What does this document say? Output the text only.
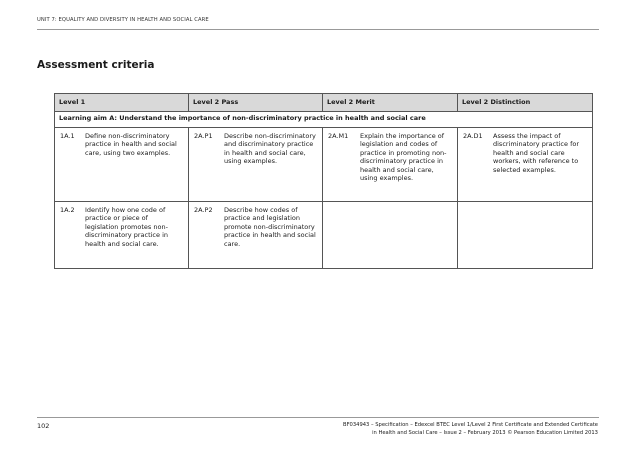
UNIT 7: EQUALITY AND DIVERSITY IN HEALTH AND SOCIAL CARE
Assessment criteria
Level 1	Level 2 Pass	Level 2 Merit	Level 2 Distinction
Learning aim A: Understand the importance of non-discriminatory practice in health and social care			

1A.1 Define non-discriminatory practice in health and social care, using two examples.	2A.P1 Describe non-discriminatory and discriminatory practice in health and social care, using examples.	2A.M1 Explain the importance of legislation and codes of practice in promoting non-discriminatory practice in health and social care, using examples.	2A.D1 Assess the impact of discriminatory practice for health and social care workers, with reference to selected examples.

1A.2 Identify how one code of practice or piece of legislation promotes non-discriminatory practice in health and social care.	2A.P2 Describe how codes of practice and legislation promote non-discriminatory practice in health and social care.		

102	BF034943 – Specification – Edexcel BTEC Level 1/Level 2 First Certificate and Extended Certificate
in Health and Social Care – Issue 2 – February 2013 © Pearson Education Limited 2013
